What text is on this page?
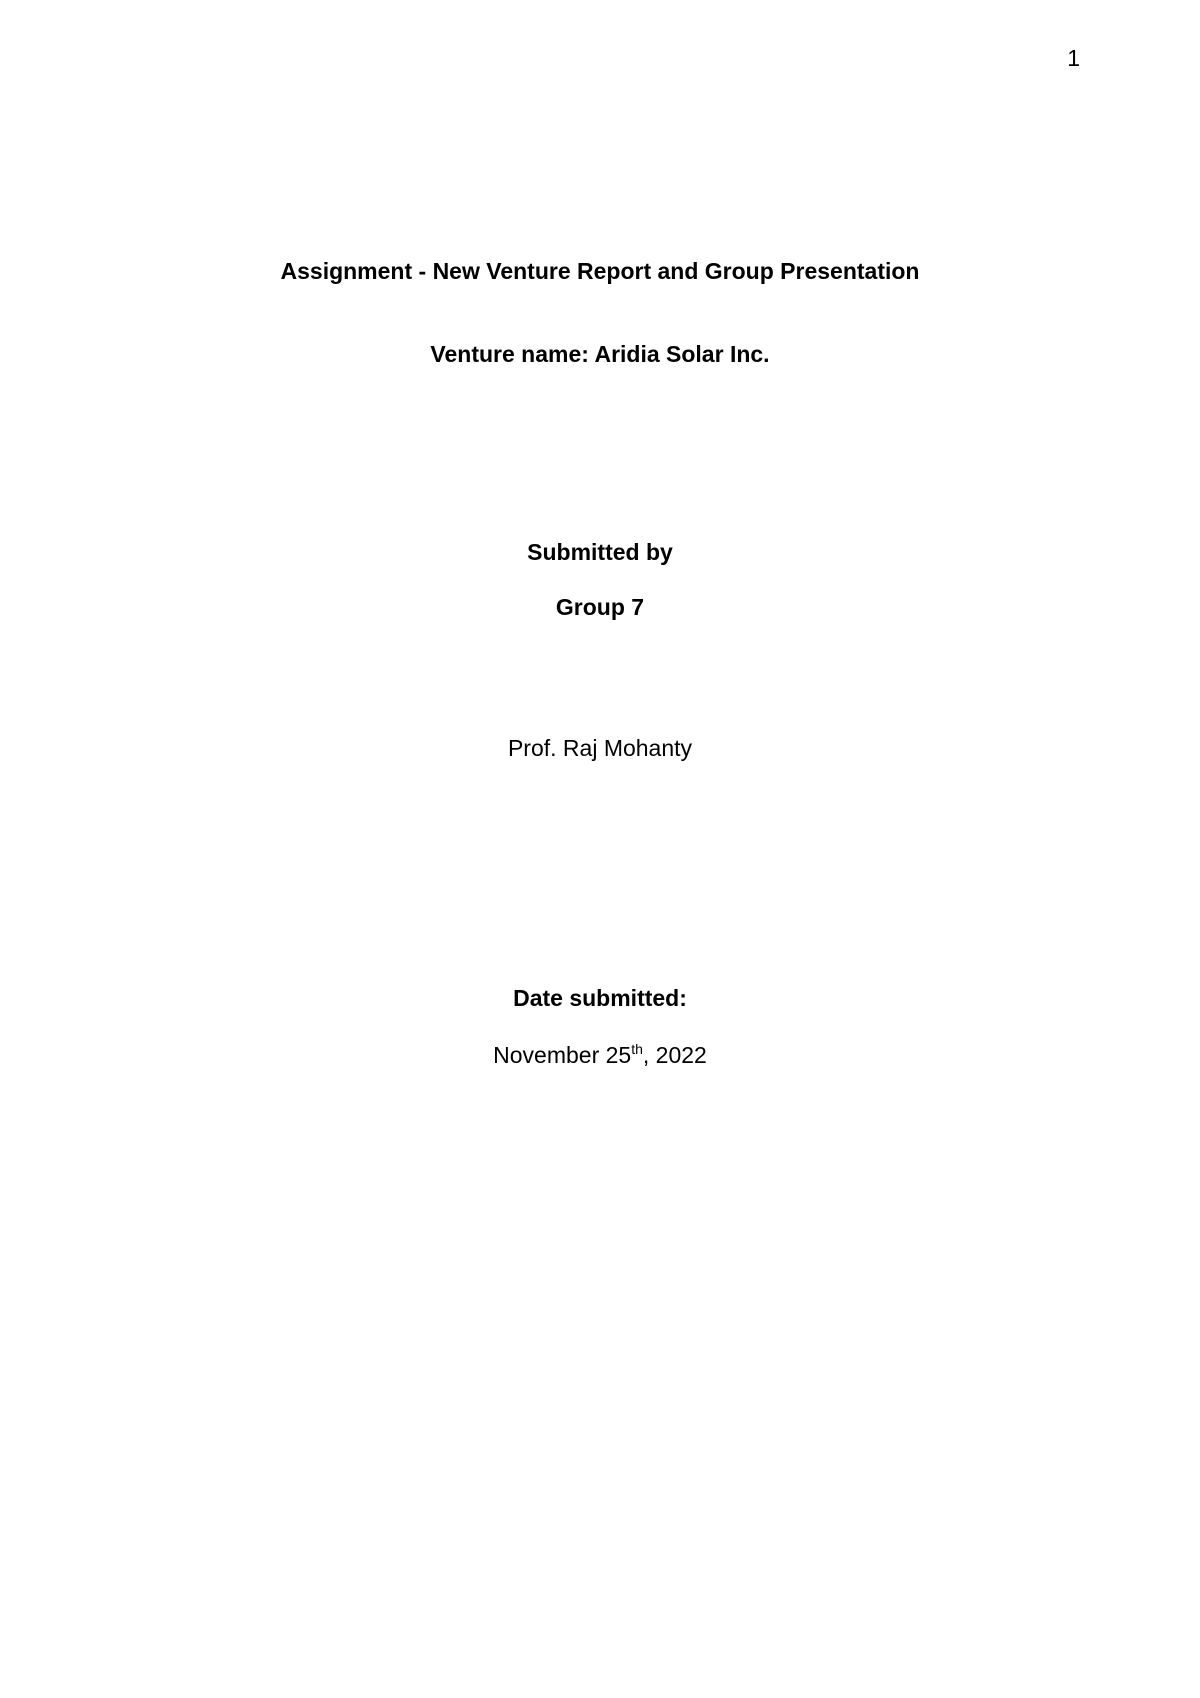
1
Assignment - New Venture Report and Group Presentation
Venture name: Aridia Solar Inc.
Submitted by
Group 7
Prof. Raj Mohanty
Date submitted:
November 25th, 2022
